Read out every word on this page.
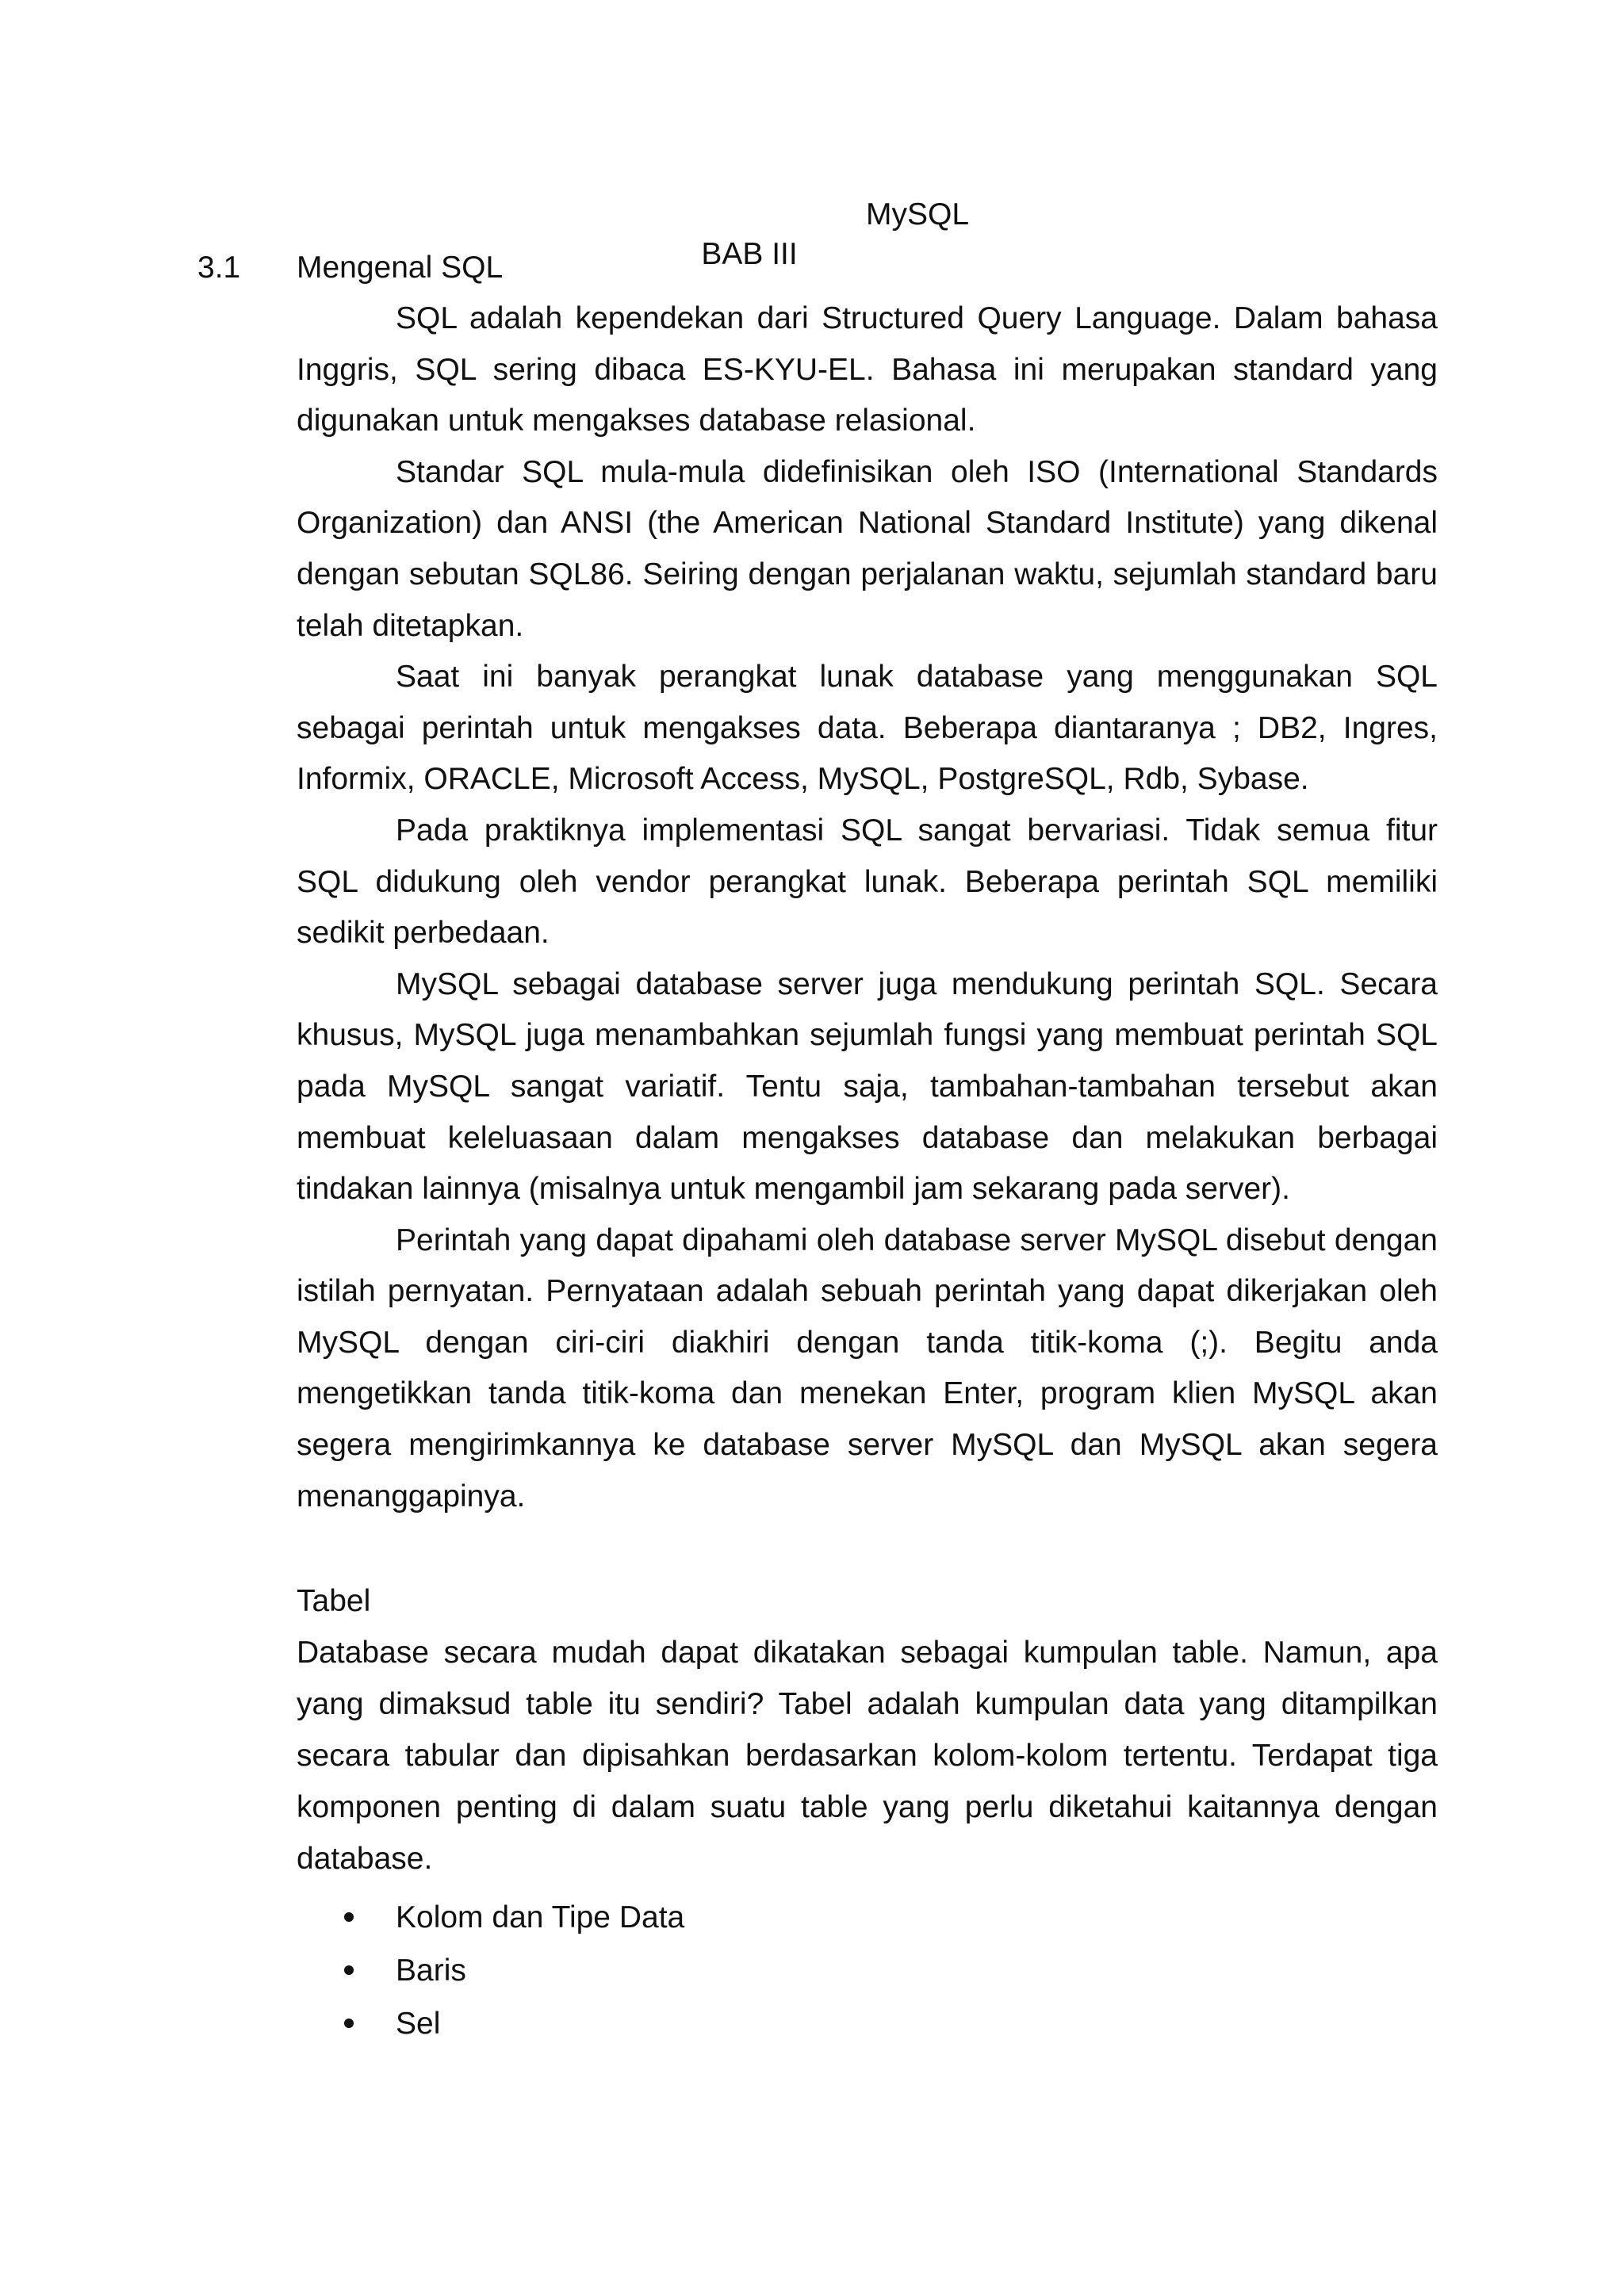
BAB III

MySQL

3.1 Mengenal SQL

SQL adalah kependekan dari Structured Query Language. Dalam bahasa Inggris, SQL sering dibaca ES-KYU-EL. Bahasa ini merupakan standard yang digunakan untuk mengakses database relasional.

Standar SQL mula-mula didefinisikan oleh ISO (International Standards Organization) dan ANSI (the American National Standard Institute) yang dikenal dengan sebutan SQL86. Seiring dengan perjalanan waktu, sejumlah standard baru telah ditetapkan.

Saat ini banyak perangkat lunak database yang menggunakan SQL sebagai perintah untuk mengakses data. Beberapa diantaranya ; DB2, Ingres, Informix, ORACLE, Microsoft Access, MySQL, PostgreSQL, Rdb, Sybase.

Pada praktiknya implementasi SQL sangat bervariasi. Tidak semua fitur SQL didukung oleh vendor perangkat lunak. Beberapa perintah SQL memiliki sedikit perbedaan.

MySQL sebagai database server juga mendukung perintah SQL. Secara khusus, MySQL juga menambahkan sejumlah fungsi yang membuat perintah SQL pada MySQL sangat variatif. Tentu saja, tambahan-tambahan tersebut akan membuat keleluasaan dalam mengakses database dan melakukan berbagai tindakan lainnya (misalnya untuk mengambil jam sekarang pada server).

Perintah yang dapat dipahami oleh database server MySQL disebut dengan istilah pernyatan. Pernyataan adalah sebuah perintah yang dapat dikerjakan oleh MySQL dengan ciri-ciri diakhiri dengan tanda titik-koma (;). Begitu anda mengetikkan tanda titik-koma dan menekan Enter, program klien MySQL akan segera mengirimkannya ke database server MySQL dan MySQL akan segera menanggapinya.

Tabel

Database secara mudah dapat dikatakan sebagai kumpulan table. Namun, apa yang dimaksud table itu sendiri? Tabel adalah kumpulan data yang ditampilkan secara tabular dan dipisahkan berdasarkan kolom-kolom tertentu. Terdapat tiga komponen penting di dalam suatu table yang perlu diketahui kaitannya dengan database.

Kolom dan Tipe Data
Baris
Sel
